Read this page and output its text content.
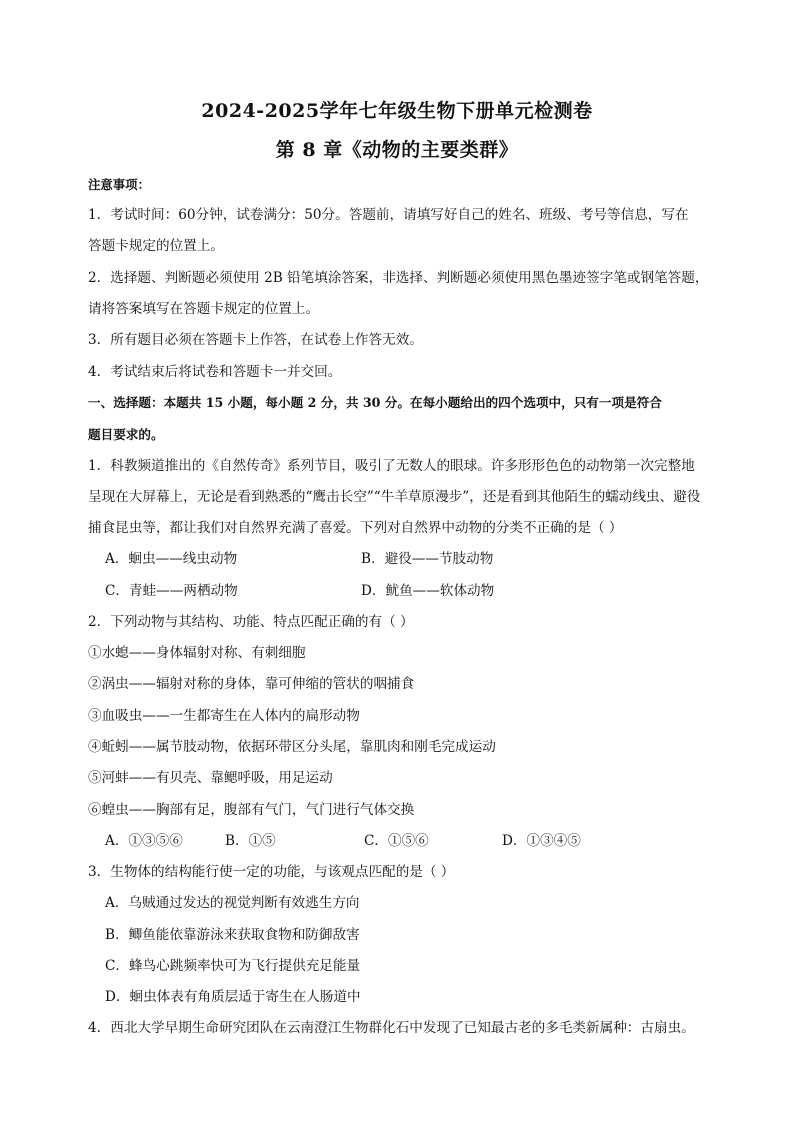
2024-2025学年七年级生物下册单元检测卷
第 8 章《动物的主要类群》
注意事项：
1．考试时间：60分钟，试卷满分：50分。答题前，请填写好自己的姓名、班级、考号等信息，写在
答题卡规定的位置上。
2．选择题、判断题必须使用 2B 铅笔填涂答案，非选择、判断题必须使用黑色墨迹签字笔或钢笔答题，
请将答案填写在答题卡规定的位置上。
3．所有题目必须在答题卡上作答，在试卷上作答无效。
4．考试结束后将试卷和答题卡一并交回。
一、选择题：本题共 15 小题，每小题 2 分，共 30 分。在每小题给出的四个选项中，只有一项是符合
题目要求的。
1．科教频道推出的《自然传奇》系列节目，吸引了无数人的眼球。许多形形色色的动物第一次完整地
呈现在大屏幕上，无论是看到熟悉的“鹰击长空”“牛羊草原漫步”，还是看到其他陌生的蠕动线虫、避役
捕食昆虫等，都让我们对自然界充满了喜爱。下列对自然界中动物的分类不正确的是（ ）
A．蛔虫——线虫动物	B．避役——节肢动物
C．青蛙——两栖动物	D．鱿鱼——软体动物
2．下列动物与其结构、功能、特点匹配正确的有（ ）
①水螅——身体辐射对称、有刺细胞
②涡虫——辐射对称的身体，靠可伸缩的管状的咽捕食
③血吸虫——一生都寄生在人体内的扁形动物
④蚯蚓——属节肢动物，依据环带区分头尾，靠肌肉和刚毛完成运动
⑤河蚌——有贝壳、靠鳃呼吸，用足运动
⑥蝗虫——胸部有足，腹部有气门，气门进行气体交换
A．①③⑤⑥	B．①⑤	C．①⑤⑥	D．①③④⑤
3．生物体的结构能行使一定的功能，与该观点匹配的是（ ）
A．乌贼通过发达的视觉判断有效逃生方向
B．鲫鱼能依靠游泳来获取食物和防御敌害
C．蜂鸟心跳频率快可为飞行提供充足能量
D．蛔虫体表有角质层适于寄生在人肠道中
4．西北大学早期生命研究团队在云南澄江生物群化石中发现了已知最古老的多毛类新属种：古扇虫。
